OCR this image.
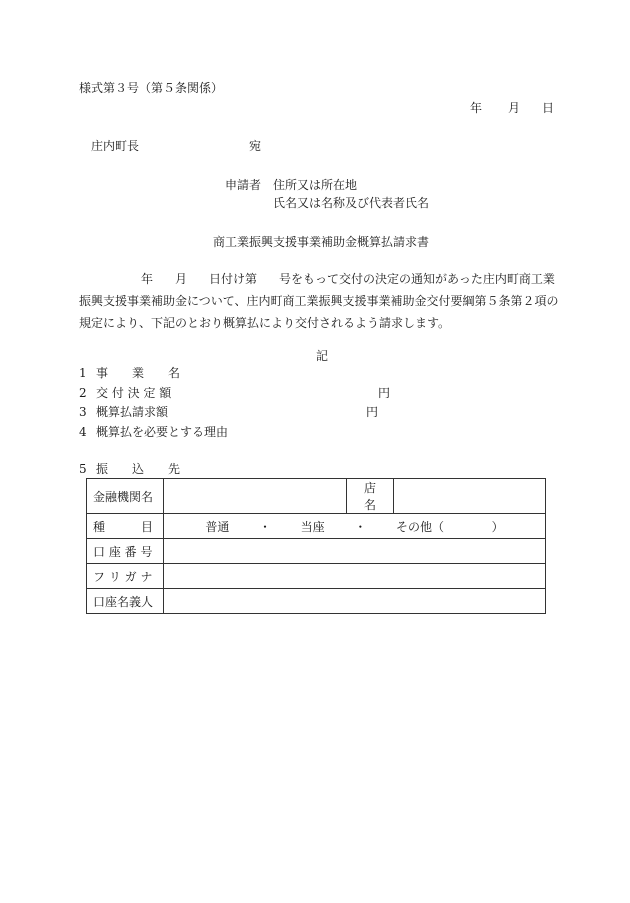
様式第３号（第５条関係）
年 月 日
庄内町長	宛
申請者 住所又は所在地
氏名又は名称及び代表者氏名
商工業振興支援事業補助金概算払請求書
年 月 日付け第 号をもって交付の決定の通知があった庄内町商工業
振興支援事業補助金について、庄内町商工業振興支援事業補助金交付要綱第５条第２項の
規定により、下記のとおり概算払により交付されるよう請求します。
記
1 事　　業　　名
2 交 付 決 定 額	円
3 概算払請求額	円
4 概算払を必要とする理由
5 振　　込　　先
金融機関名		店　名	
種　　　目	普通 ・ 当座 ・ その他（ ）		
口 座 番 号			
フ リ ガ ナ			
口座名義人			
